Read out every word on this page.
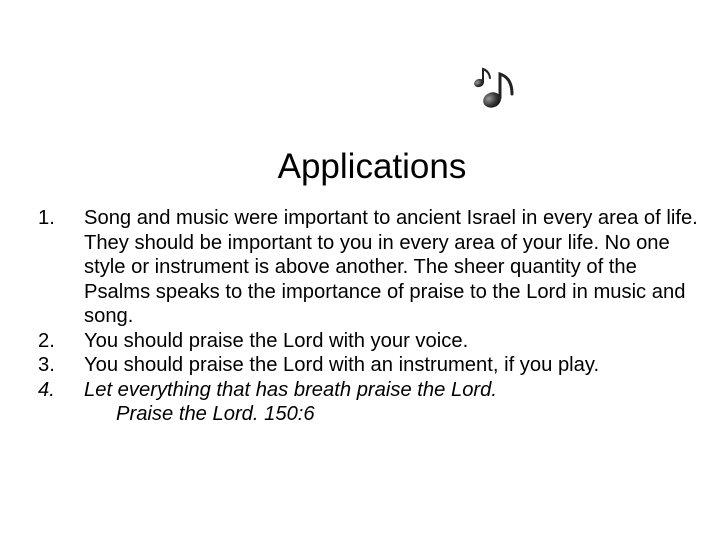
Applications
1. Song and music were important to ancient Israel in every area of life. They should be important to you in every area of your life. No one style or instrument is above another. The sheer quantity of the Psalms speaks to the importance of praise to the Lord in music and song.
2. You should praise the Lord with your voice.
3. You should praise the Lord with an instrument, if you play.
4. Let everything that has breath praise the Lord.
Praise the Lord. 150:6
